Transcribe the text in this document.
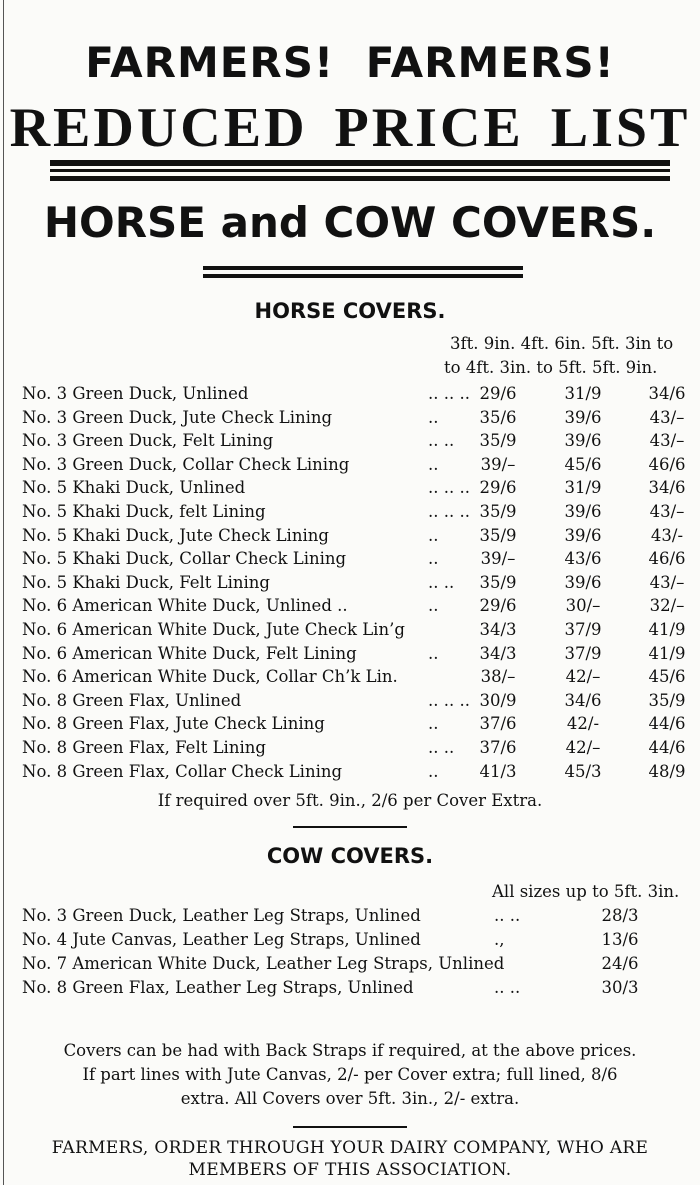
FARMERS! FARMERS!
REDUCED PRICE LIST
HORSE and COW COVERS.
HORSE COVERS.
3ft. 9in. 4ft. 6in. 5ft. 3in to
to 4ft. 3in. to 5ft. 5ft. 9in.
No. 3 Green Duck, Unlined	.. .. .. 29/6	31/9	34/6
No. 3 Green Duck, Jute Check Lining	..	35/6	39/6	43/–
No. 3 Green Duck, Felt Lining	.. ..	35/9	39/6	43/–
No. 3 Green Duck, Collar Check Lining	..	39/–	45/6	46/6
No. 5 Khaki Duck, Unlined	.. .. .. 29/6	31/9	34/6
No. 5 Khaki Duck, felt Lining	.. .. .. 35/9	39/6	43/–
No. 5 Khaki Duck, Jute Check Lining	..	35/9	39/6	43/-
No. 5 Khaki Duck, Collar Check Lining	..	39/–	43/6	46/6
No. 5 Khaki Duck, Felt Lining	.. ..	35/9	39/6	43/–
No. 6 American White Duck, Unlined ..	..	29/6	30/–	32/–
No. 6 American White Duck, Jute Check Lin’g	34/3	37/9	41/9
No. 6 American White Duck, Felt Lining	..	34/3	37/9	41/9
No. 6 American White Duck, Collar Ch’k Lin.	38/–	42/–	45/6
No. 8 Green Flax, Unlined	.. .. .. 30/9	34/6	35/9
No. 8 Green Flax, Jute Check Lining	..	37/6	42/-	44/6
No. 8 Green Flax, Felt Lining	.. ..	37/6	42/–	44/6
No. 8 Green Flax, Collar Check Lining	..	41/3	45/3	48/9
If required over 5ft. 9in., 2/6 per Cover Extra.
COW COVERS.
All sizes up to 5ft. 3in.
No. 3 Green Duck, Leather Leg Straps, Unlined	.. ..	28/3
No. 4 Jute Canvas, Leather Leg Straps, Unlined	.,	13/6
No. 7 American White Duck, Leather Leg Straps, Unlined	24/6
No. 8 Green Flax, Leather Leg Straps, Unlined	.. ..	30/3
Covers can be had with Back Straps if required, at the above prices.
If part lines with Jute Canvas, 2/- per Cover extra; full lined, 8/6
extra. All Covers over 5ft. 3in., 2/- extra.
FARMERS, ORDER THROUGH YOUR DAIRY COMPANY, WHO ARE
MEMBERS OF THIS ASSOCIATION.
